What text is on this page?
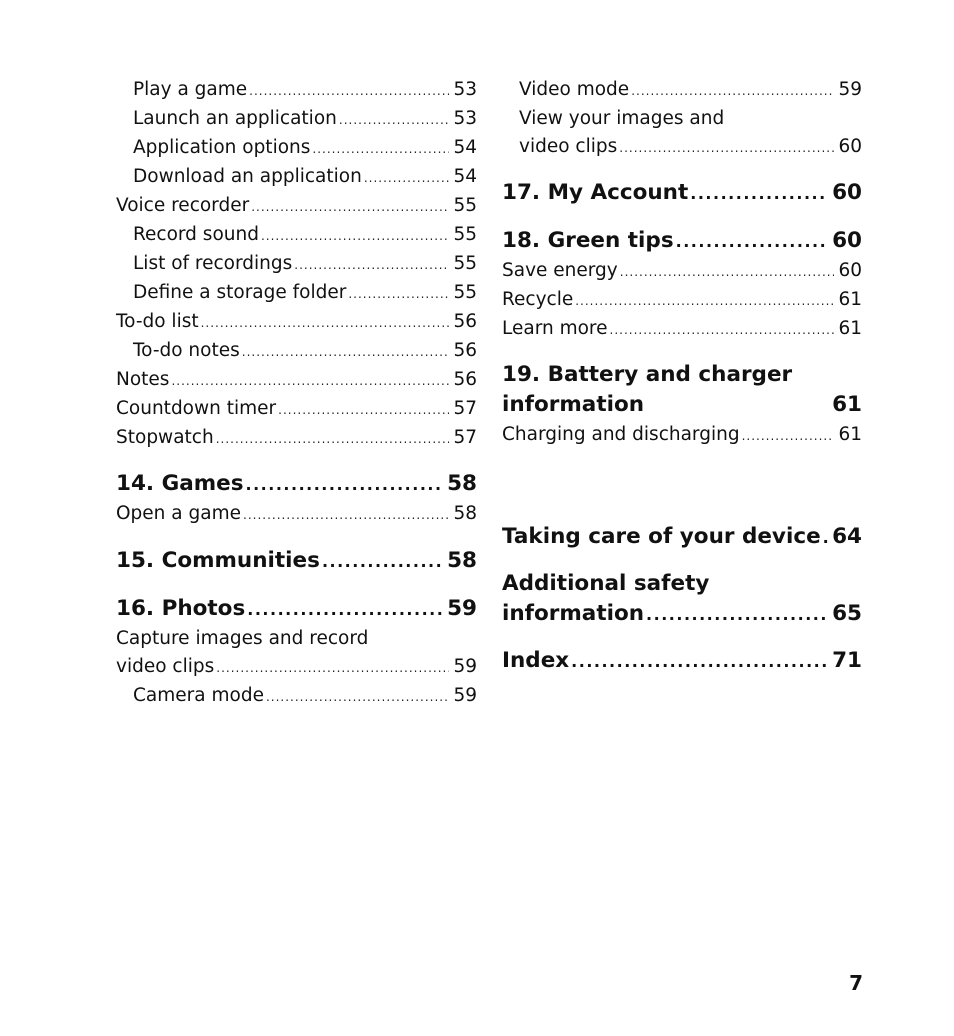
Play a game .....	53
Launch an application .....	53
Application options .....	54
Download an application .....	54
Voice recorder .....	55
Record sound .....	55
List of recordings .....	55
Define a storage folder .....	55
To-do list .....	56
To-do notes .....	56
Notes .....	56
Countdown timer .....	57
Stopwatch .....	57
14. Games .....	58
Open a game .....	58
15. Communities .....	58
16. Photos .....	59
Capture images and record
video clips .....	59
Camera mode .....	59
Video mode .....	59
View your images and
video clips .....	60
17. My Account .....	60
18. Green tips .....	60
Save energy .....	60
Recycle .....	61
Learn more .....	61
19. Battery and charger
information	61
Charging and discharging .....	61
Taking care of your device ..... 64
Additional safety
information .....	65
Index .....	71
7
